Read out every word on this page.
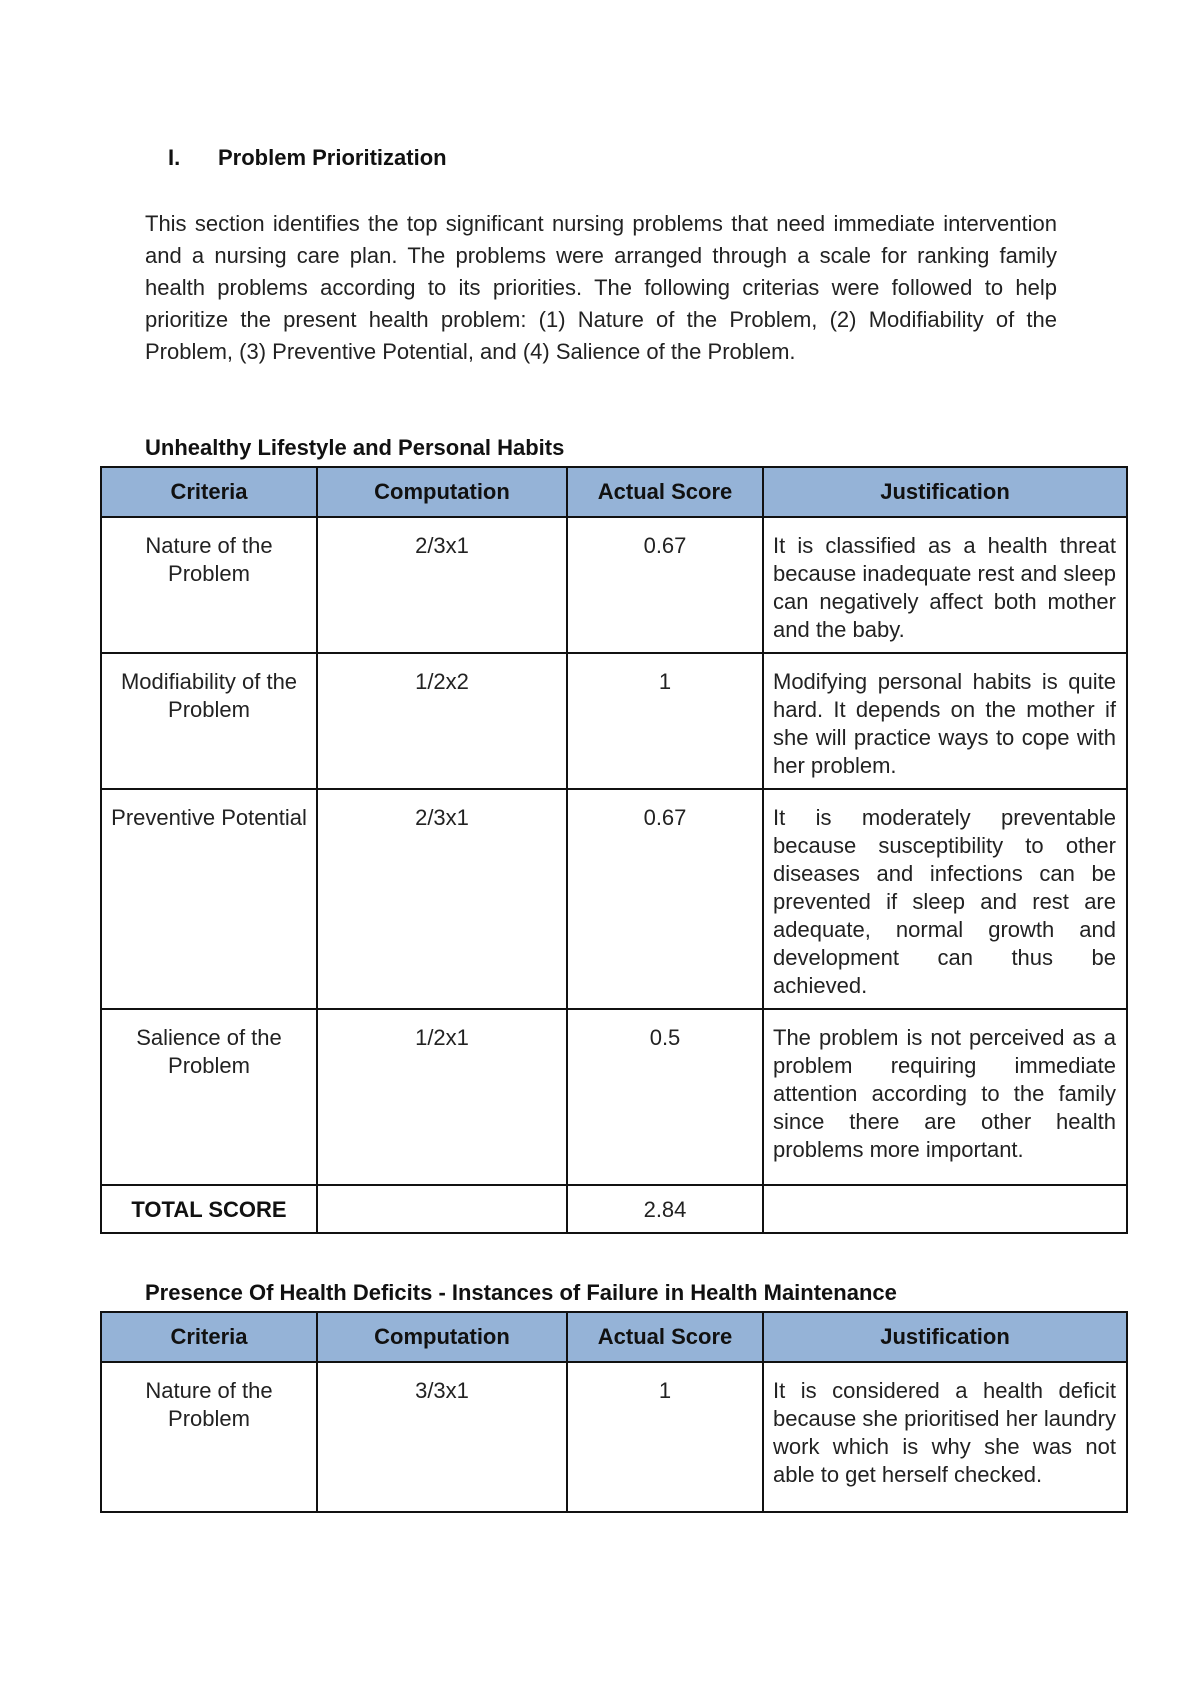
I.	Problem Prioritization
This section identifies the top significant nursing problems that need immediate intervention and a nursing care plan. The problems were arranged through a scale for ranking family health problems according to its priorities. The following criterias were followed to help prioritize the present health problem: (1) Nature of the Problem, (2) Modifiability of the Problem, (3) Preventive Potential, and (4) Salience of the Problem.
Unhealthy Lifestyle and Personal Habits
Criteria	Computation	Actual Score	Justification
Nature of the Problem	2/3x1	0.67	It is classified as a health threat because inadequate rest and sleep can negatively affect both mother and the baby.
Modifiability of the Problem	1/2x2	1	Modifying personal habits is quite hard. It depends on the mother if she will practice ways to cope with her problem.
Preventive Potential	2/3x1	0.67	It is moderately preventable because susceptibility to other diseases and infections can be prevented if sleep and rest are adequate, normal growth and development can thus be achieved.
Salience of the Problem	1/2x1	0.5	The problem is not perceived as a problem requiring immediate attention according to the family since there are other health problems more important.
TOTAL SCORE		2.84	
Presence Of Health Deficits - Instances of Failure in Health Maintenance
Criteria	Computation	Actual Score	Justification
Nature of the Problem	3/3x1	1	It is considered a health deficit because she prioritised her laundry work which is why she was not able to get herself checked.
